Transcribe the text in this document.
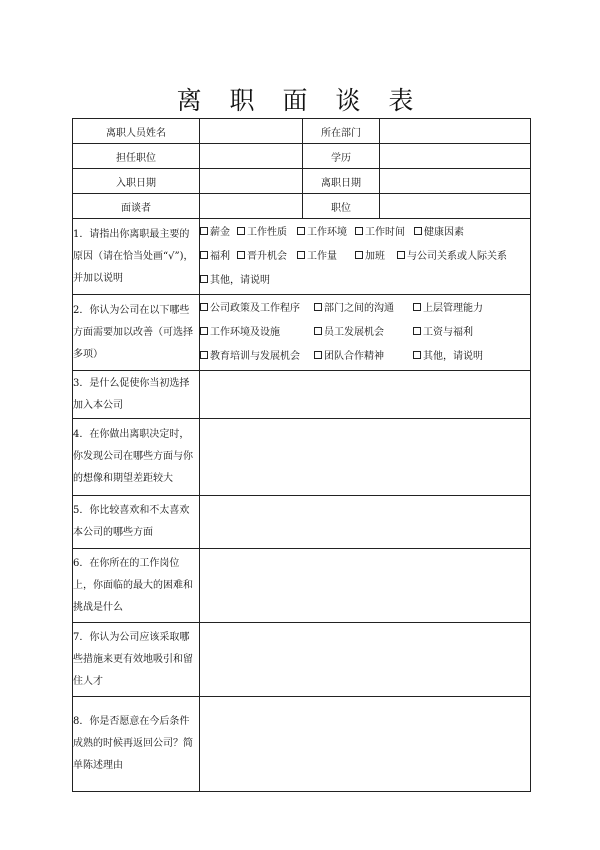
离 职 面 谈 表
离职人员姓名		所在部门	
担任职位		学历	
入职日期		离职日期	
面谈者		职位	
1．请指出你离职最主要的原因（请在恰当处画“√”)，并加以说明	薪金 工作性质 工作环境 工作时间 健康因素
福利 晋升机会 工作量 加班 与公司关系或人际关系
其他，请说明		

2．你认为公司在以下哪些方面需要加以改善（可选择多项）	公司政策及工作程序 部门之间的沟通 上层管理能力
工作环境及设施 员工发展机会 工资与福利
教育培训与发展机会 团队合作精神 其他，请说明		

3．是什么促使你当初选择加入本公司			
4．在你做出离职决定时，你发现公司在哪些方面与你的想像和期望差距较大			
5．你比较喜欢和不太喜欢本公司的哪些方面			
6．在你所在的工作岗位上，你面临的最大的困难和挑战是什么			
7．你认为公司应该采取哪些措施来更有效地吸引和留住人才			
8．你是否愿意在今后条件成熟的时候再返回公司？简单陈述理由			
